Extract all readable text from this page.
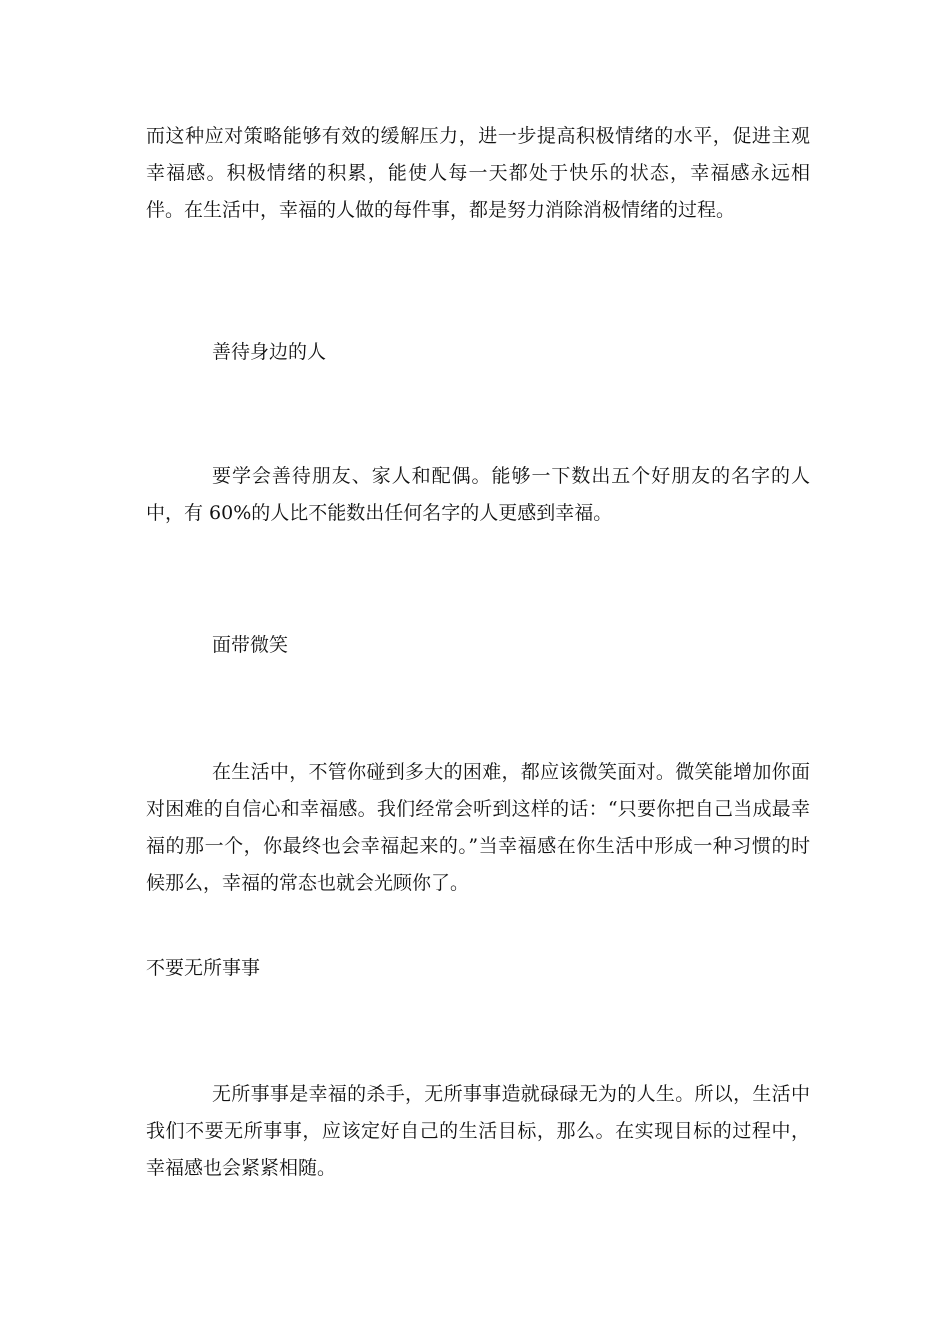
而这种应对策略能够有效的缓解压力，进一步提高积极情绪的水平，促进主观幸福感。积极情绪的积累，能使人每一天都处于快乐的状态，幸福感永远相伴。在生活中，幸福的人做的每件事，都是努力消除消极情绪的过程。

善待身边的人

要学会善待朋友、家人和配偶。能够一下数出五个好朋友的名字的人中，有 60%的人比不能数出任何名字的人更感到幸福。

面带微笑

在生活中，不管你碰到多大的困难，都应该微笑面对。微笑能增加你面对困难的自信心和幸福感。我们经常会听到这样的话：“只要你把自己当成最幸福的那一个，你最终也会幸福起来的。”当幸福感在你生活中形成一种习惯的时候那么，幸福的常态也就会光顾你了。

不要无所事事

无所事事是幸福的杀手，无所事事造就碌碌无为的人生。所以，生活中我们不要无所事事，应该定好自己的生活目标，那么。在实现目标的过程中，幸福感也会紧紧相随。
